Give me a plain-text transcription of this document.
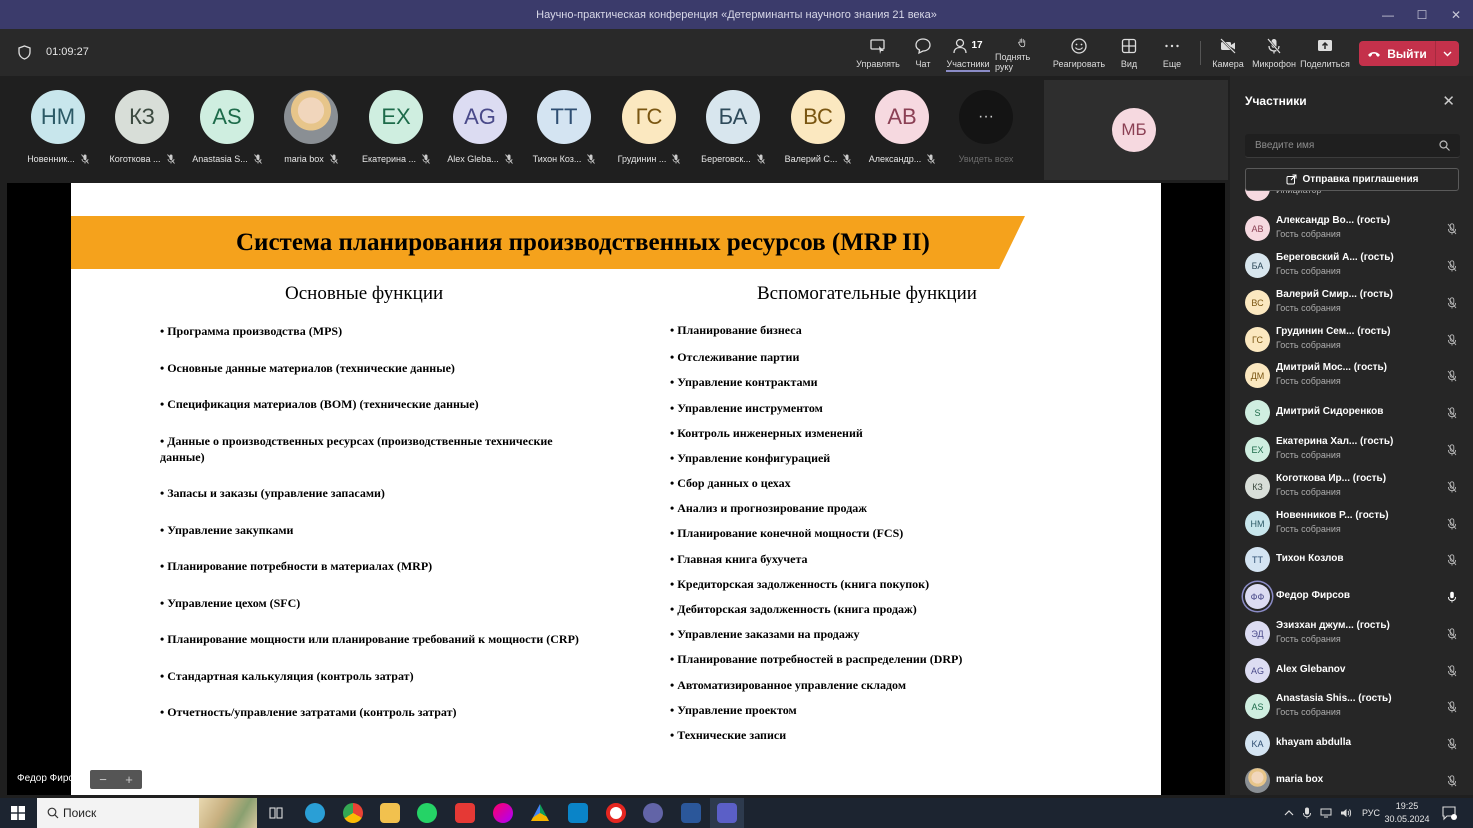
Научно-практическая конференция «Детерминанты научного знания 21 века»	—	☐	✕
01:09:27
Управлять Чат
17
Участники
Поднять руку	Реагировать Вид	Еще	Камера Микрофон Поделиться
Выйти
НМ
Новенник...
КЗ
Коготкова ...
AS
Anastasia S...	maria box
ЕХ
Екатерина ...
AG
Alex Gleba...
ТТ
Тихон Коз...
ГС
Грудинин ...
БА
Береговск...
ВС
Валерий С...
АВ
Александр...
···
Увидеть всех
МБ
Система планирования производственных ресурсов (MRP II)
Основные функции	Вспомогательные функции
• Программа производства (MPS)
• Основные данные материалов (технические данные)
• Спецификация материалов (BOM) (технические данные)
• Данные о производственных ресурсах (производственные технические данные)
• Запасы и заказы (управление запасами)
• Управление закупками
• Планирование потребности в материалах (MRP)
• Управление цехом (SFC)
• Планирование мощности или планирование требований к мощности (CRP)
• Стандартная калькуляция (контроль затрат)
• Отчетность/управление затратами (контроль затрат)
• Планирование бизнеса
• Отслеживание партии
• Управление контрактами
• Управление инструментом
• Контроль инженерных изменений
• Управление конфигурацией
• Сбор данных о цехах
• Анализ и прогнозирование продаж
• Планирование конечной мощности (FCS)
• Главная книга бухучета
• Кредиторская задолженность (книга покупок)
• Дебиторская задолженность (книга продаж)
• Управление заказами на продажу
• Планирование потребностей в распределении (DRP)
• Автоматизированное управление складом
• Управление проектом
• Технические записи
Федор Фирсов − +
Участники	✕
АВ
Александр Во... (гость)
Гость собрания
БА
Береговский А... (гость)
Гость собрания
ВС
Валерий Смир... (гость)
Гость собрания
ГС
Грудинин Сем... (гость)
Гость собрания
ДМ
Дмитрий Мос... (гость)
Гость собрания
S	Дмитрий Сидоренков
ЕХ
Екатерина Хал... (гость)
Гость собрания
КЗ
Коготкова Ир... (гость)
Гость собрания
НМ
Новенников Р... (гость)
Гость собрания
ТТ	Тихон Козлов
ФФ	Федор Фирсов
ЭД
Эзизхан джум... (гость)
Гость собрания
AG	Alex Glebanov
AS
Anastasia Shis... (гость)
Гость собрания
KA	khayam abdulla
maria box
Введите имя
Отправка приглашения
Поиск	РУС
19:25
30.05.2024
